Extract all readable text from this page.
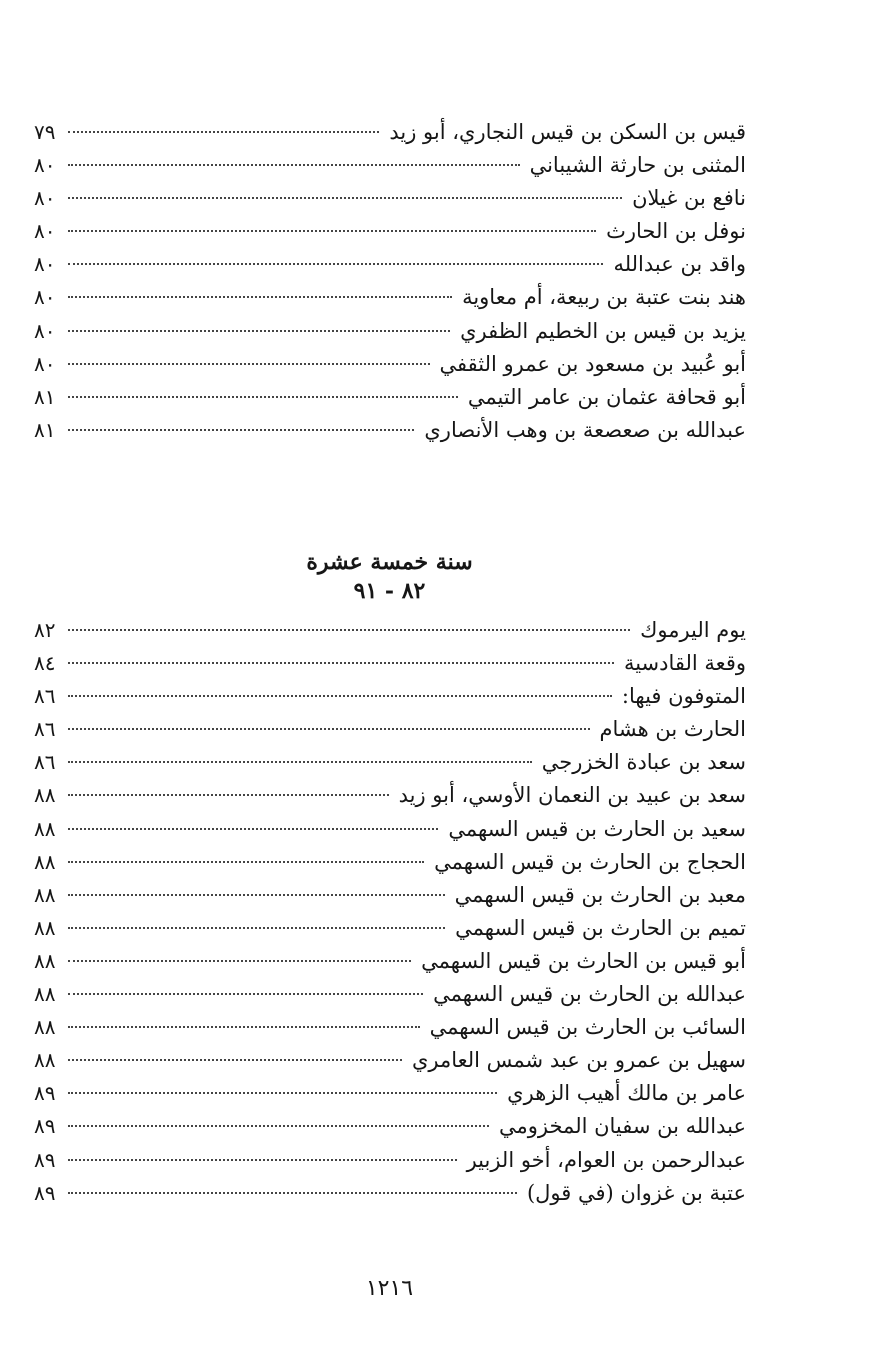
قيس بن السكن بن قيس النجاري، أبو زيد
٧٩
المثنى بن حارثة الشيباني
٨٠
نافع بن غيلان
٨٠
نوفل بن الحارث
٨٠
واقد بن عبدالله
٨٠
هند بنت عتبة بن ربيعة، أم معاوية
٨٠
يزيد بن قيس بن الخطيم الظفري
٨٠
أبو عُبيد بن مسعود بن عمرو الثقفي
٨٠
أبو قحافة عثمان بن عامر التيمي
٨١
عبدالله بن صعصعة بن وهب الأنصاري
٨١
سنة خمسة عشرة
٨٢ - ٩١
يوم اليرموك
٨٢
وقعة القادسية
٨٤
المتوفون فيها:
٨٦
الحارث بن هشام
٨٦
سعد بن عبادة الخزرجي
٨٦
سعد بن عبيد بن النعمان الأوسي، أبو زيد
٨٨
سعيد بن الحارث بن قيس السهمي
٨٨
الحجاج بن الحارث بن قيس السهمي
٨٨
معبد بن الحارث بن قيس السهمي
٨٨
تميم بن الحارث بن قيس السهمي
٨٨
أبو قيس بن الحارث بن قيس السهمي
٨٨
عبدالله بن الحارث بن قيس السهمي
٨٨
السائب بن الحارث بن قيس السهمي
٨٨
سهيل بن عمرو بن عبد شمس العامري
٨٨
عامر بن مالك أهيب الزهري
٨٩
عبدالله بن سفيان المخزومي
٨٩
عبدالرحمن بن العوام، أخو الزبير
٨٩
عتبة بن غزوان (في قول)
٨٩
١٢١٦
